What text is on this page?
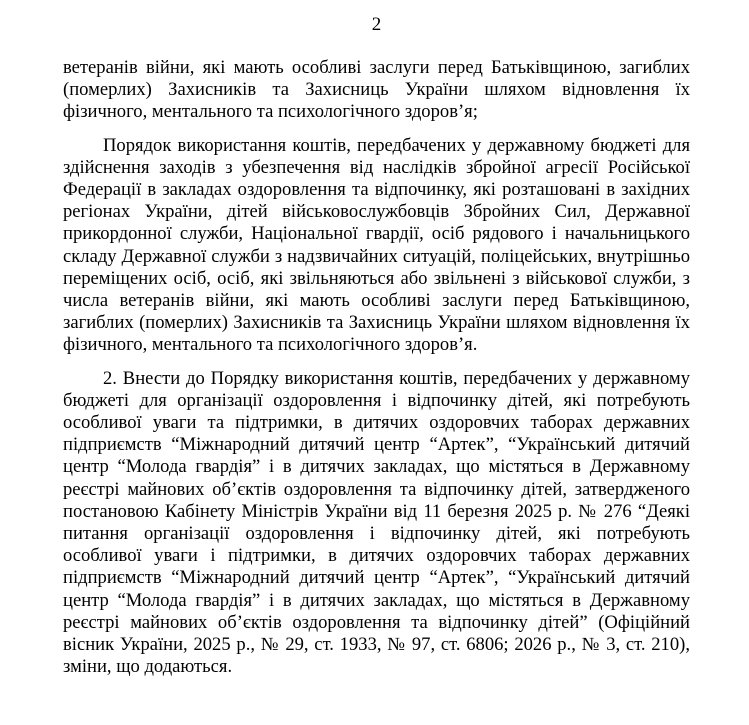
2

ветеранів війни, які мають особливі заслуги перед Батьківщиною, загиблих (померлих) Захисників та Захисниць України шляхом відновлення їх фізичного, ментального та психологічного здоров’я;

Порядок використання коштів, передбачених у державному бюджеті для здійснення заходів з убезпечення від наслідків збройної агресії Російської Федерації в закладах оздоровлення та відпочинку, які розташовані в західних регіонах України, дітей військовослужбовців Збройних Сил, Державної прикордонної служби, Національної гвардії, осіб рядового і начальницького складу Державної служби з надзвичайних ситуацій, поліцейських, внутрішньо переміщених осіб, осіб, які звільняються або звільнені з військової служби, з числа ветеранів війни, які мають особливі заслуги перед Батьківщиною, загиблих (померлих) Захисників та Захисниць України шляхом відновлення їх фізичного, ментального та психологічного здоров’я.

2. Внести до Порядку використання коштів, передбачених у державному бюджеті для організації оздоровлення і відпочинку дітей, які потребують особливої уваги та підтримки, в дитячих оздоровчих таборах державних підприємств “Міжнародний дитячий центр “Артек”, “Український дитячий центр “Молода гвардія” і в дитячих закладах, що містяться в Державному реєстрі майнових об’єктів оздоровлення та відпочинку дітей, затвердженого постановою Кабінету Міністрів України від 11 березня 2025 р. № 276 “Деякі питання організації оздоровлення і відпочинку дітей, які потребують особливої уваги і підтримки, в дитячих оздоровчих таборах державних підприємств “Міжнародний дитячий центр “Артек”, “Український дитячий центр “Молода гвардія” і в дитячих закладах, що містяться в Державному реєстрі майнових об’єктів оздоровлення та відпочинку дітей” (Офіційний вісник України, 2025 р., № 29, ст. 1933, № 97, ст. 6806; 2026 р., № 3, ст. 210), зміни, що додаються.
